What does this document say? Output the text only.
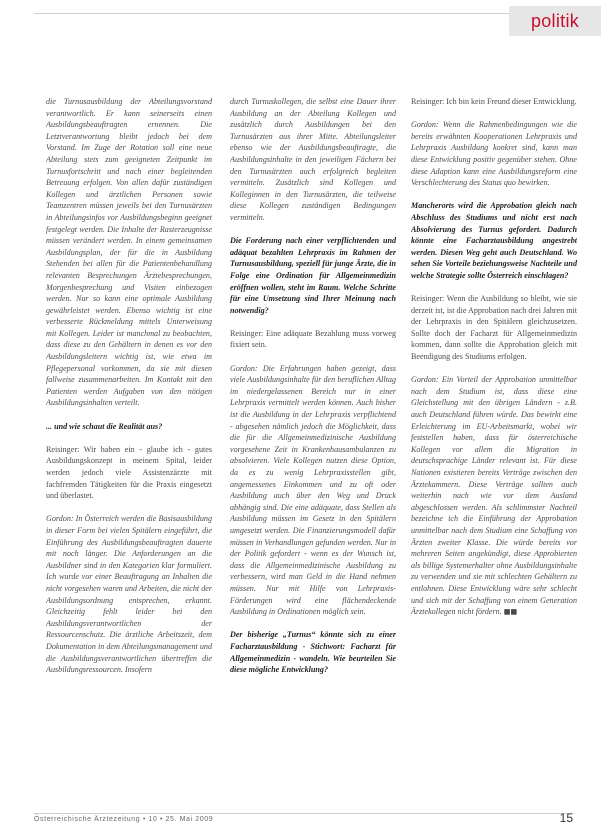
politik

die Turnusausbildung der Abteilungsvorstand verantwortlich. Er kann seinerseits einen Ausbildungsbeauftragten ernennen. Die Letztverantwortung bleibt jedoch bei dem Vorstand. Im Zuge der Rotation soll eine neue Abteilung stets zum geeigneten Zeitpunkt im Turnusfortschritt und nach einer begleitenden Betreuung erfolgen. Von allen dafür zuständigen Kollegen und ärztlichen Personen sowie Teamzentren müssen jeweils bei den Turnusärzten in Abteilungsinfos vor Ausbildungsbeginn geeignet festgelegt werden. Die Inhalte der Rasterzeugnisse müssen verändert werden. In einem gemeinsamen Ausbildungsplan, der für die in Ausbildung Stehenden bei allen für die Patientenbehandlung relevanten Besprechungen Ärztebesprechungen, Morgenbesprechung und Visiten einbezogen werden. Nur so kann eine optimale Ausbildung gewährleistet werden. Ebenso wichtig ist eine verbesserte Rückmeldung mittels Unterweisung mit Kollegen. Leider ist manchmal zu beobachten, dass diese zu den Gehältern in denen es vor den Ausbildungsleitern wichtig ist, wie etwa im Pflegepersonal vorkommen, da sie mit diesen fallweise zusammenarbeiten. Im Kontakt mit den Patienten werden Aufgaben von den nötigen Ausbildungsinhalten verteilt.

... und wie schaut die Realität aus?

Reisinger: Wir haben ein - glaube ich - gutes Ausbildungskonzept in meinem Spital, leider werden jedoch viele Assistenzärzte mit fachfremden Tätigkeiten für die Praxis eingesetzt und überlastet.

Gordon: In Österreich werden die Basisausbildung in dieser Form bei vielen Spitälern eingeführt, die Einführung des Ausbildungsbeauftragten dauerte mit noch länger. Die Anforderungen an die Ausbildner sind in den Kategorien klar formuliert. Ich wurde vor einer Beauftragung an Inhalten die nicht vorgesehen waren und Arbeiten, die nicht der Ausbildungsordnung entsprechen, erkannt. Gleichzeitig fehlt leider bei den Ausbildungsverantwortlichen der Ressourcenschutz. Die ärztliche Arbeitszeit, dem Dokumentation in dem Abteilungsmanagement und die Ausbildungsverantwortlichen übertreffen die Ausbildungsressourcen. Insofern

durch Turnuskollegen, die selbst eine Dauer ihrer Ausbildung an der Abteilung Kollegen und zusätzlich durch Ausbildungen bei den Turnusärzten aus ihrer Mitte. Abteilungsleiter ebenso wie der Ausbildungsbeauftragte, die Ausbildungsinhalte in den jeweiligen Fächern bei den Turnusärzten auch erfolgreich begleiten vermitteln. Zusätzlich sind Kollegen und Kolleginnen in den Turnusärzten, die teilweise diese Kollegen zuständigen Bedingungen vermitteln.

Die Forderung nach einer verpflichtenden und adäquat bezahlten Lehrpraxis im Rahmen der Turnusausbildung, speziell für junge Ärzte, die in Folge eine Ordination für Allgemeinmedizin eröffnen wollen, steht im Raum. Welche Schritte für eine Umsetzung sind Ihrer Meinung nach notwendig?

Reisinger: Eine adäquate Bezahlung muss vorweg fixiert sein.

Gordon: Die Erfahrungen haben gezeigt, dass viele Ausbildungsinhalte für den beruflichen Alltag im niedergelassenen Bereich nur in einer Lehrpraxis vermittelt werden können. Auch bisher ist die Ausbildung in der Lehrpraxis verpflichtend - abgesehen nämlich jedoch die Möglichkeit, dass die für die Allgemeinmedizinische Ausbildung vorgesehene Zeit in Krankenhausambulanzen zu absolvieren. Viele Kollegen nutzen diese Option, da es zu wenig Lehrpraxisstellen gibt, angemessenes Einkommen und zu oft oder Ausbildung auch über den Weg und Druck abhängig sind. Die eine adäquate, dass Stellen als Ausbildung müssen im Gesetz in den Spitälern umgesetzt werden. Die Finanzierungsmodell dafür müssen in Verhandlungen gefunden werden. Nur in der Politik gefordert - wenn es der Wunsch ist, dass die Allgemeinmedizinische Ausbildung zu verbessern, wird man Geld in die Hand nehmen müssen. Nur mit Hilfe von Lehrpraxis-Förderungen wird eine flächendeckende Ausbildung in Ordinationen möglich sein.

Der bisherige „Turnus“ könnte sich zu einer Facharztausbildung - Stichwort: Facharzt für Allgemeinmedizin - wandeln. Wie beurteilen Sie diese mögliche Entwicklung?

Reisinger: Ich bin kein Freund dieser Entwicklung.

Gordon: Wenn die Rahmenbedingungen wie die bereits erwähnten Kooperationen Lehrpraxis und Lehrpraxis Ausbildung konkret sind, kann man diese Entwicklung positiv gegenüber stehen. Ohne diese Adaption kann eine Ausbildungsreform eine Verschlechterung des Status quo bewirken.

Mancherorts wird die Approbation gleich nach Abschluss des Studiums und nicht erst nach Absolvierung des Turnus gefordert. Dadurch könnte eine Facharztausbildung angestrebt werden. Diesen Weg geht auch Deutschland. Wo sehen Sie Vorteile beziehungsweise Nachteile und welche Strategie sollte Österreich einschlagen?

Reisinger: Wenn die Ausbildung so bleibt, wie sie derzeit ist, ist die Approbation nach drei Jahren mit der Lehrpraxis in den Spitälern gleichzusetzen. Sollte doch der Facharzt für Allgemeinmedizin kommen, dann sollte die Approbation gleich mit Beendigung des Studiums erfolgen.

Gordon: Ein Vorteil der Approbation unmittelbar nach dem Studium ist, dass diese eine Gleichstellung mit den übrigen Ländern - z.B. auch Deutschland führen würde. Das bewirkt eine Erleichterung im EU-Arbeitsmarkt, wobei wir feststellen haben, dass für österreichische Kollegen vor allem die Migration in deutschsprachige Länder relevant ist. Für diese Nationen existieren bereits Verträge zwischen den Ärztekammern. Diese Verträge sollten auch weiterhin nach wie vor dem Ausland abgeschlossen werden. Als schlimmster Nachteil bezeichne ich die Einführung der Approbation unmittelbar nach dem Studium eine Schaffung von Ärzten zweiter Klasse. Die würde bereits vor mehreren Seiten angekündigt, diese Approbierten als billige Systemerhalter ohne Ausbildungsinhalte zu verwenden und sie mit schlechten Gehältern zu entlohnen. Diese Entwicklung wäre sehr schlecht und sich mit der Schaffung von einem Generation Ärztekollegen nicht fördern. ◼◼

Österreichische Ärztezeitung • 10 • 25. Mai 2009	15
